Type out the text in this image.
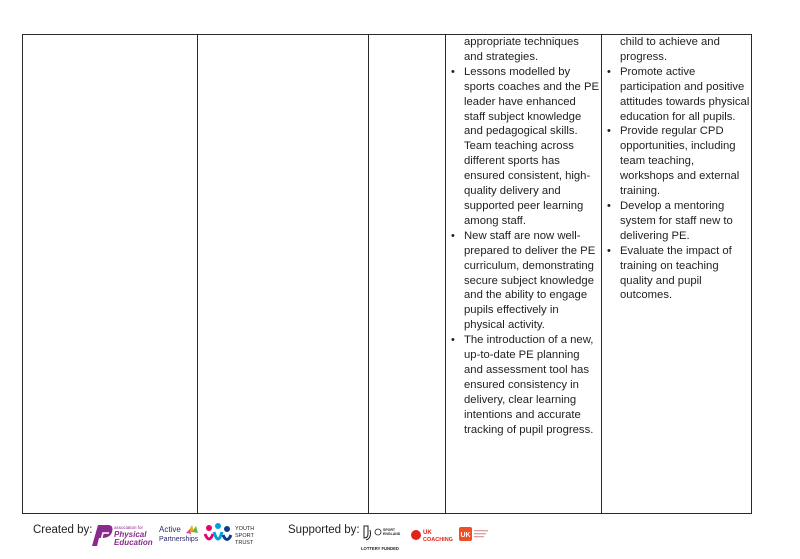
appropriate techniques and strategies.
• Lessons modelled by sports coaches and the PE leader have enhanced staff subject knowledge and pedagogical skills. Team teaching across different sports has ensured consistent, high-quality delivery and supported peer learning among staff.
• New staff are now well-prepared to deliver the PE curriculum, demonstrating secure subject knowledge and the ability to engage pupils effectively in physical activity.
• The introduction of a new, up-to-date PE planning and assessment tool has ensured consistency in delivery, clear learning intentions and accurate tracking of pupil progress.
child to achieve and progress.
• Promote active participation and positive attitudes towards physical education for all pupils.
• Provide regular CPD opportunities, including team teaching, workshops and external training.
• Develop a mentoring system for staff new to delivering PE.
• Evaluate the impact of training on teaching quality and pupil outcomes.
Created by:	association for
Physical
Education
Active
Partnerships
YOUTH
SPORT
TRUST
Supported by:	SPORT
ENGLAND
LOTTERY FUNDED
UK
COACHING
UK
